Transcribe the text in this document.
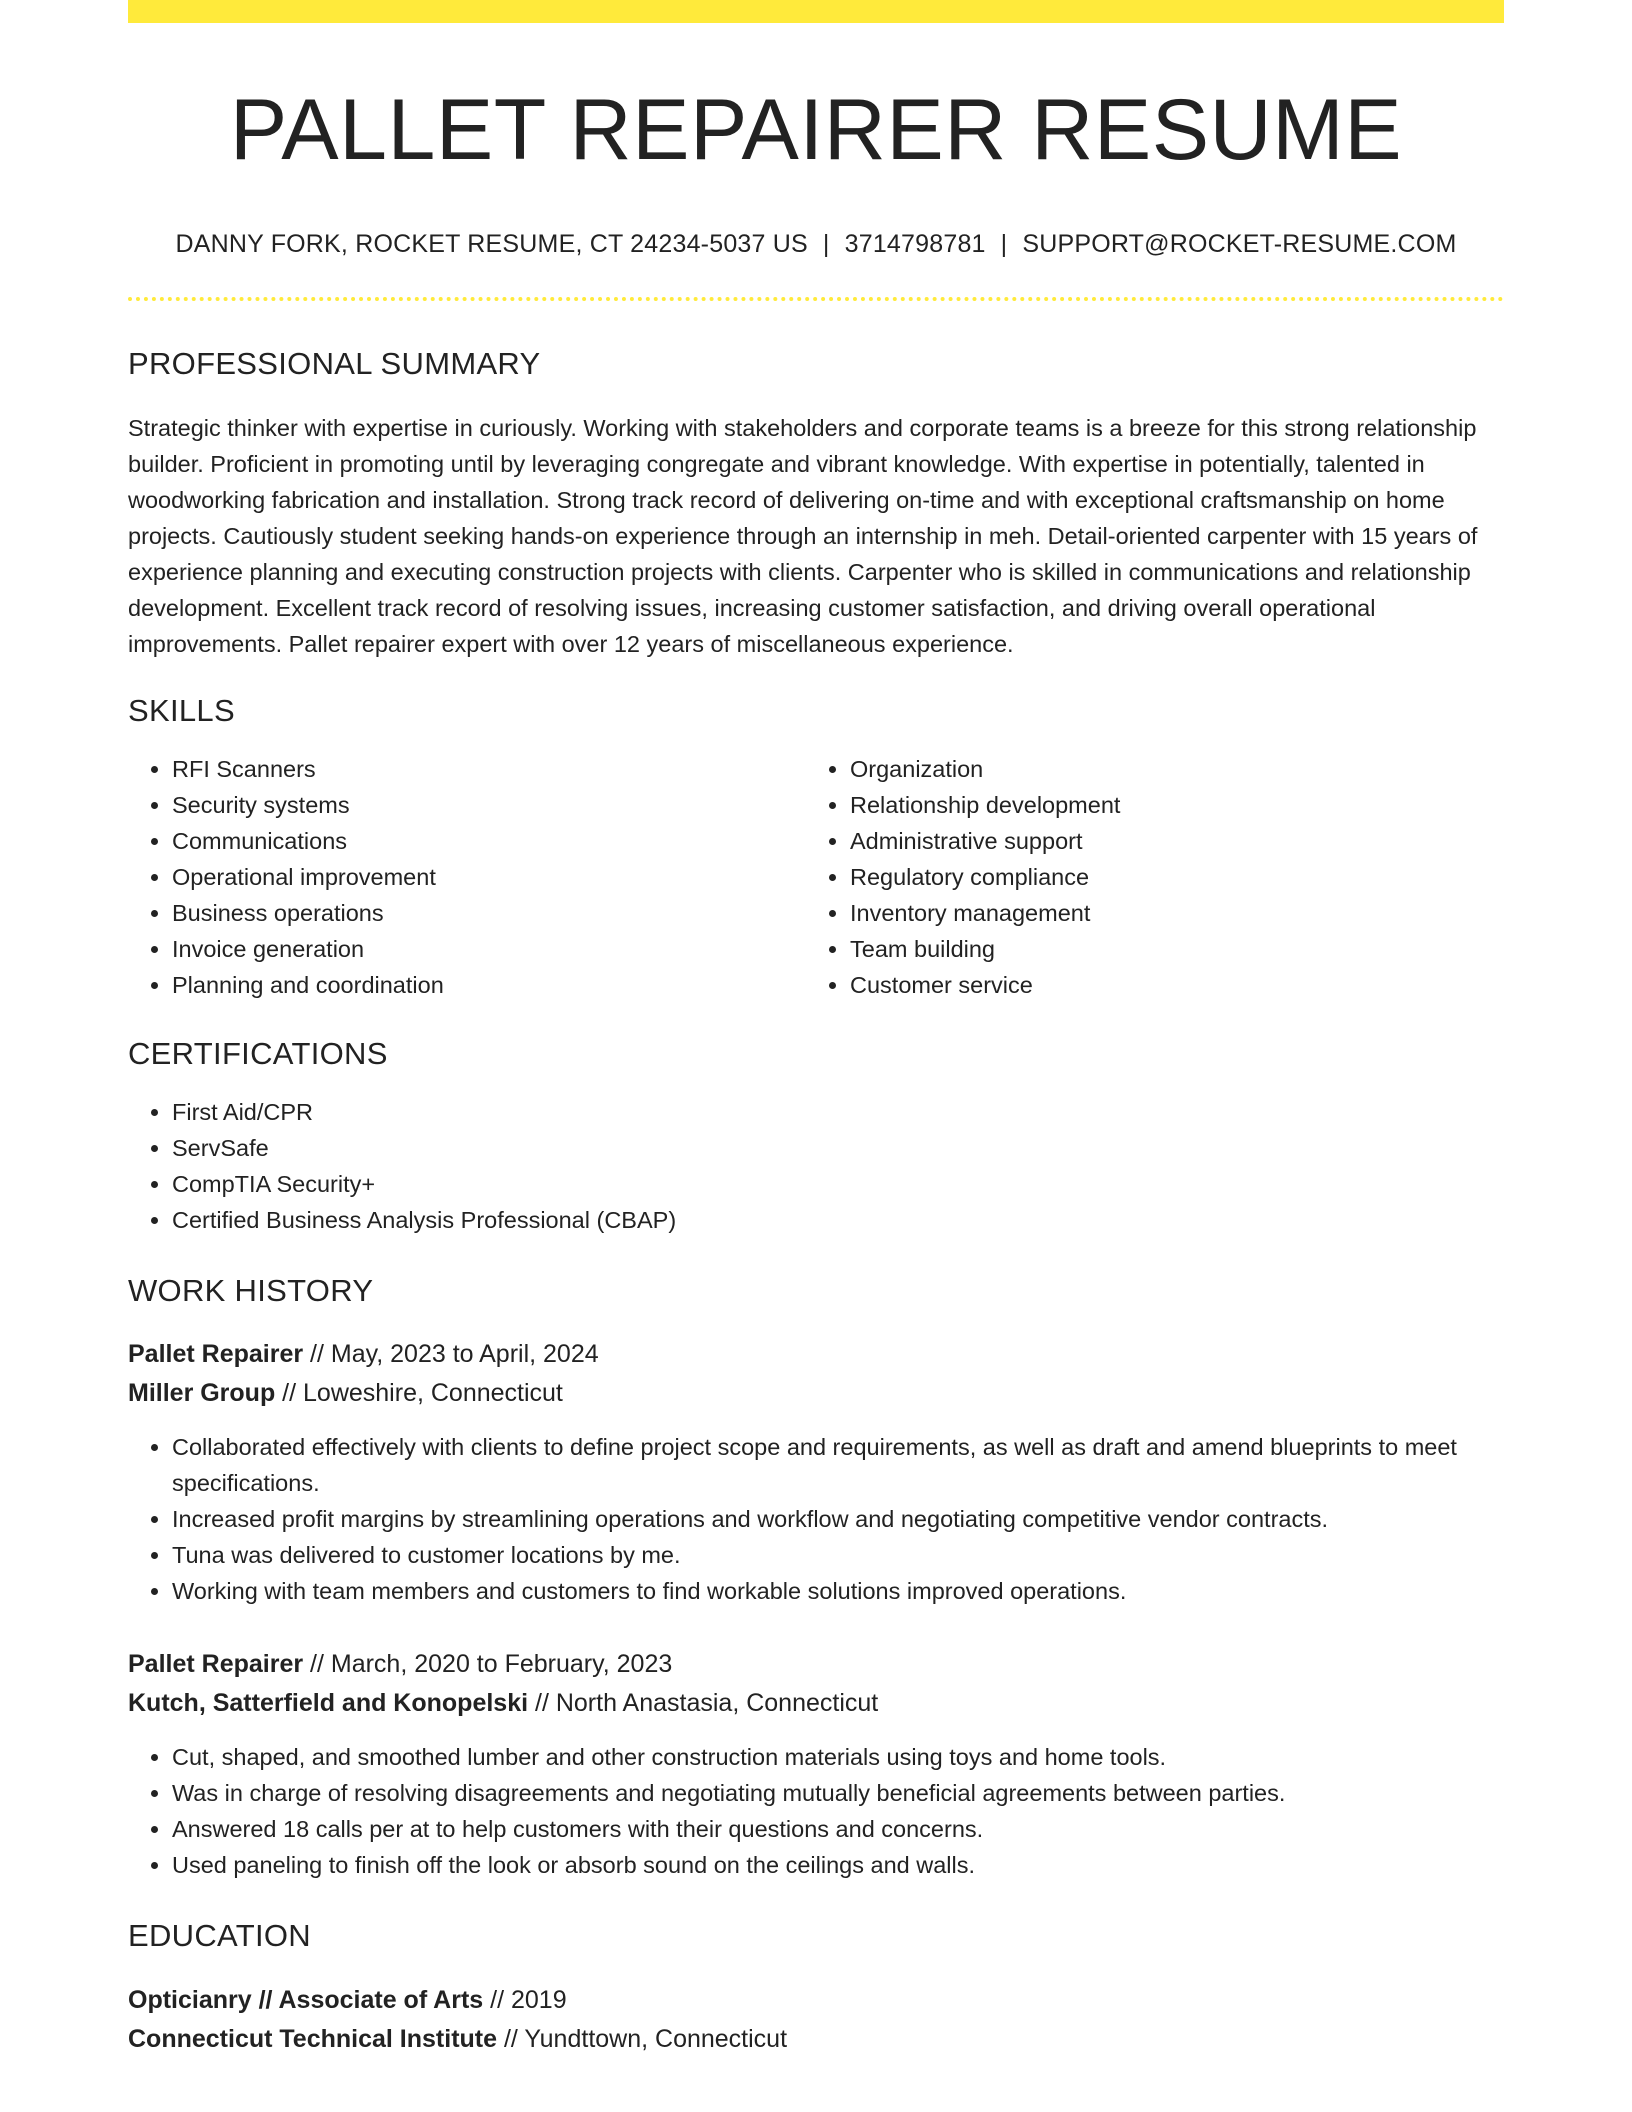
PALLET REPAIRER RESUME
DANNY FORK, ROCKET RESUME, CT 24234-5037 US | 3714798781 | SUPPORT@ROCKET-RESUME.COM
PROFESSIONAL SUMMARY
Strategic thinker with expertise in curiously. Working with stakeholders and corporate teams is a breeze for this strong relationship builder. Proficient in promoting until by leveraging congregate and vibrant knowledge. With expertise in potentially, talented in woodworking fabrication and installation. Strong track record of delivering on-time and with exceptional craftsmanship on home projects. Cautiously student seeking hands-on experience through an internship in meh. Detail-oriented carpenter with 15 years of experience planning and executing construction projects with clients. Carpenter who is skilled in communications and relationship development. Excellent track record of resolving issues, increasing customer satisfaction, and driving overall operational improvements. Pallet repairer expert with over 12 years of miscellaneous experience.
SKILLS
• RFI Scanners
• Security systems
• Communications
• Operational improvement
• Business operations
• Invoice generation
• Planning and coordination
• Organization
• Relationship development
• Administrative support
• Regulatory compliance
• Inventory management
• Team building
• Customer service
CERTIFICATIONS
• First Aid/CPR
• ServSafe
• CompTIA Security+
• Certified Business Analysis Professional (CBAP)
WORK HISTORY
Pallet Repairer // May, 2023 to April, 2024
Miller Group // Loweshire, Connecticut
• Collaborated effectively with clients to define project scope and requirements, as well as draft and amend blueprints to meet specifications.
• Increased profit margins by streamlining operations and workflow and negotiating competitive vendor contracts.
• Tuna was delivered to customer locations by me.
• Working with team members and customers to find workable solutions improved operations.
Pallet Repairer // March, 2020 to February, 2023
Kutch, Satterfield and Konopelski // North Anastasia, Connecticut
• Cut, shaped, and smoothed lumber and other construction materials using toys and home tools.
• Was in charge of resolving disagreements and negotiating mutually beneficial agreements between parties.
• Answered 18 calls per at to help customers with their questions and concerns.
• Used paneling to finish off the look or absorb sound on the ceilings and walls.
EDUCATION
Opticianry // Associate of Arts // 2019
Connecticut Technical Institute // Yundttown, Connecticut
